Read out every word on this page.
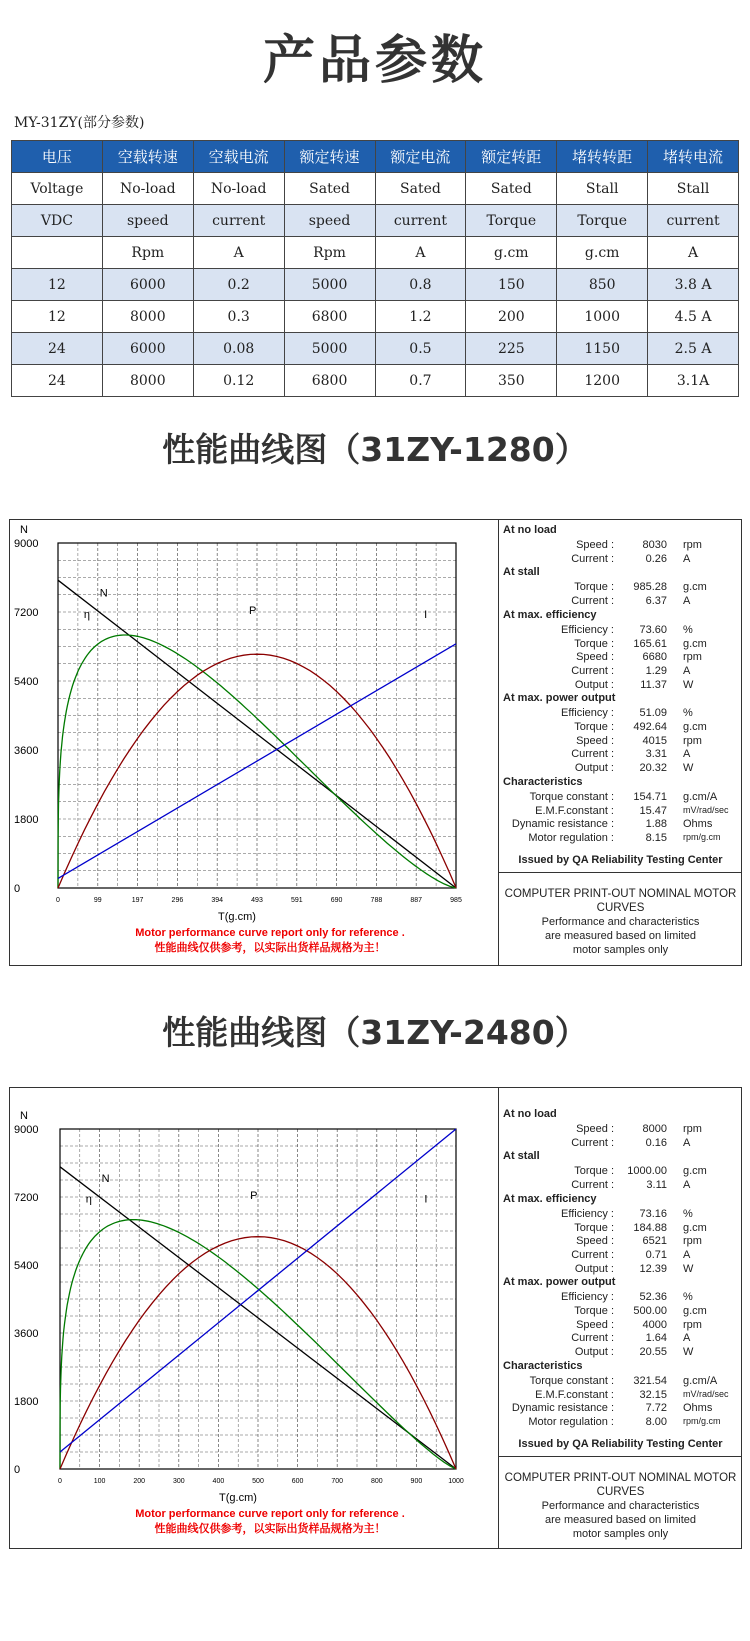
产品参数
MY-31ZY(部分参数)
电压	空载转速	空载电流	额定转速	额定电流	额定转距	堵转转距	堵转电流
Voltage	No-load	No-load	Sated	Sated	Sated	Stall	Stall
VDC	speed	current	speed	current	Torque	Torque	current
	Rpm	A	Rpm	A	g.cm	g.cm	A
12	6000	0.2	5000	0.8	150	850	3.8 A
12	8000	0.3	6800	1.2	200	1000	4.5 A
24	6000	0.08	5000	0.5	225	1150	2.5 A
24	8000	0.12	6800	0.7	350	1200	3.1A
性能曲线图（31ZY-1280）
N
9000
7200
5400
3600
1800
0
0	99	197	296	394	493	591	690	788	887	985
T(g.cm)
N
η	P	I
At no load
Speed :	8030 rpm
Current :	0.26 A
At stall
Torque : 985.28 g.cm
Current :	6.37 A
At max. efficiency
Efficiency : 73.60 %
Torque : 165.61 g.cm
Speed :	6680 rpm
Current :	1.29 A
Output : 11.37 W
At max. power output
Efficiency : 51.09 %
Torque : 492.64 g.cm
Speed :	4015 rpm
Current :	3.31 A
Output : 20.32 W
Characteristics
Torque constant : 154.71 g.cm/A
E.M.F.constant : 15.47 mV/rad/sec
Dynamic resistance :	1.88 Ohms
Motor regulation :	8.15 rpm/g.cm
Issued by QA Reliability Testing Center
COMPUTER PRINT-OUT NOMINAL MOTOR CURVES
Performance and characteristics are measured based on limited motor samples only
Motor performance curve report only for reference .
性能曲线仅供参考，以实际出货样品规格为主！
性能曲线图（31ZY-2480）
N
9000
7200
5400
3600
1800
0
0	100	200	300	400	500	600	700	800	900	1000
T(g.cm)
N
η	P	I
At no load
Speed :	8000 rpm
Current :	0.16 A
At stall
Torque : 1000.00 g.cm
Current :	3.11 A
At max. efficiency
Efficiency : 73.16 %
Torque : 184.88 g.cm
Speed :	6521 rpm
Current :	0.71 A
Output : 12.39 W
At max. power output
Efficiency : 52.36 %
Torque : 500.00 g.cm
Speed :	4000 rpm
Current :	1.64 A
Output : 20.55 W
Characteristics
Torque constant : 321.54 g.cm/A
E.M.F.constant : 32.15 mV/rad/sec
Dynamic resistance :	7.72 Ohms
Motor regulation :	8.00 rpm/g.cm
Issued by QA Reliability Testing Center
COMPUTER PRINT-OUT NOMINAL MOTOR CURVES
Performance and characteristics are measured based on limited motor samples only
Motor performance curve report only for reference .
性能曲线仅供参考，以实际出货样品规格为主！
